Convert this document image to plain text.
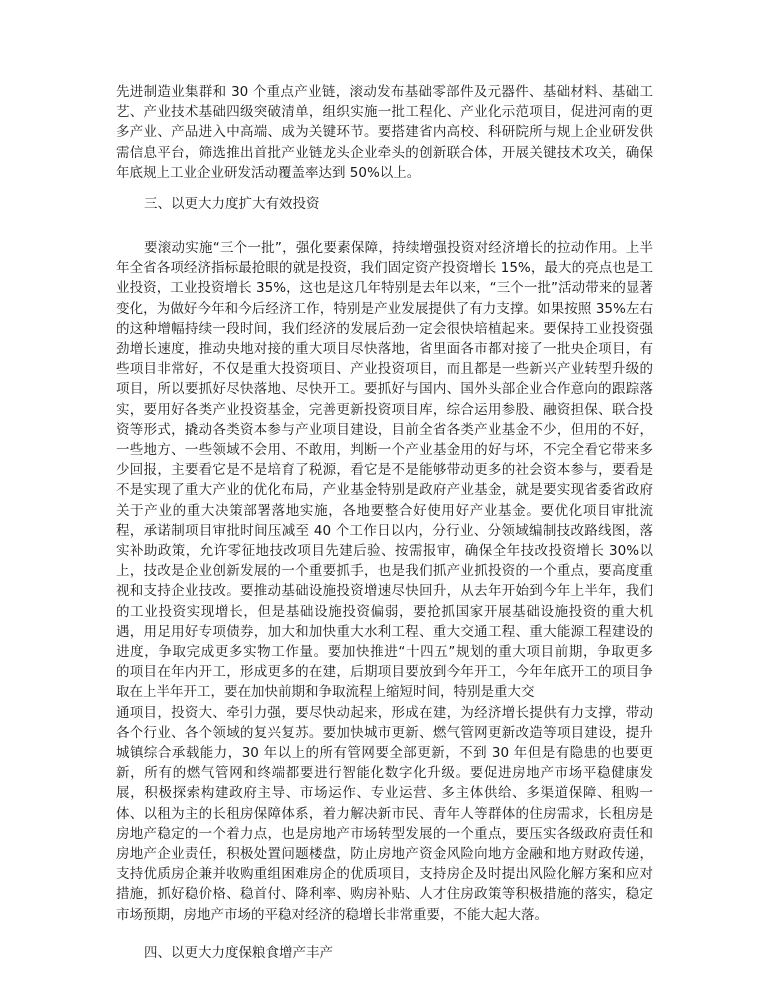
先进制造业集群和 30 个重点产业链，滚动发布基础零部件及元器件、基础材料、基础工
艺、产业技术基础四级突破清单，组织实施一批工程化、产业化示范项目，促进河南的更
多产业、产品进入中高端、成为关键环节。要搭建省内高校、科研院所与规上企业研发供
需信息平台，筛选推出首批产业链龙头企业牵头的创新联合体，开展关键技术攻关，确保
年底规上工业企业研发活动覆盖率达到 50%以上。
三、以更大力度扩大有效投资
要滚动实施“三个一批”，强化要素保障，持续增强投资对经济增长的拉动作用。上半
年全省各项经济指标最抢眼的就是投资，我们固定资产投资增长 15%，最大的亮点也是工
业投资，工业投资增长 35%，这也是这几年特别是去年以来，“三个一批”活动带来的显著
变化，为做好今年和今后经济工作，特别是产业发展提供了有力支撑。如果按照 35%左右
的这种增幅持续一段时间，我们经济的发展后劲一定会很快培植起来。要保持工业投资强
劲增长速度，推动央地对接的重大项目尽快落地，省里面各市都对接了一批央企项目，有
些项目非常好，不仅是重大投资项目、产业投资项目，而且都是一些新兴产业转型升级的
项目，所以要抓好尽快落地、尽快开工。要抓好与国内、国外头部企业合作意向的跟踪落
实，要用好各类产业投资基金，完善更新投资项目库，综合运用参股、融资担保、联合投
资等形式，撬动各类资本参与产业项目建设，目前全省各类产业基金不少，但用的不好，
一些地方、一些领域不会用、不敢用，判断一个产业基金用的好与坏，不完全看它带来多
少回报，主要看它是不是培育了税源，看它是不是能够带动更多的社会资本参与，要看是
不是实现了重大产业的优化布局，产业基金特别是政府产业基金，就是要实现省委省政府
关于产业的重大决策部署落地实施，各地要整合好使用好产业基金。要优化项目审批流
程，承诺制项目审批时间压减至 40 个工作日以内，分行业、分领域编制技改路线图，落
实补助政策，允许零征地技改项目先建后验、按需报审，确保全年技改投资增长 30%以
上，技改是企业创新发展的一个重要抓手，也是我们抓产业抓投资的一个重点，要高度重
视和支持企业技改。要推动基础设施投资增速尽快回升，从去年开始到今年上半年，我们
的工业投资实现增长，但是基础设施投资偏弱，要抢抓国家开展基础设施投资的重大机
遇，用足用好专项债券，加大和加快重大水利工程、重大交通工程、重大能源工程建设的
进度，争取完成更多实物工作量。要加快推进“十四五”规划的重大项目前期，争取更多
的项目在年内开工，形成更多的在建，后期项目要放到今年开工，今年年底开工的项目争
取在上半年开工，要在加快前期和争取流程上缩短时间，特别是重大交
通项目，投资大、牵引力强，要尽快动起来，形成在建，为经济增长提供有力支撑，带动
各个行业、各个领域的复兴复苏。要加快城市更新、燃气管网更新改造等项目建设，提升
城镇综合承载能力，30 年以上的所有管网要全部更新，不到 30 年但是有隐患的也要更
新，所有的燃气管网和终端都要进行智能化数字化升级。要促进房地产市场平稳健康发
展，积极探索构建政府主导、市场运作、专业运营、多主体供给、多渠道保障、租购一
体、以租为主的长租房保障体系，着力解决新市民、青年人等群体的住房需求，长租房是
房地产稳定的一个着力点，也是房地产市场转型发展的一个重点，要压实各级政府责任和
房地产企业责任，积极处置问题楼盘，防止房地产资金风险向地方金融和地方财政传递，
支持优质房企兼并收购重组困难房企的优质项目，支持房企及时提出风险化解方案和应对
措施，抓好稳价格、稳首付、降利率、购房补贴、人才住房政策等积极措施的落实，稳定
市场预期，房地产市场的平稳对经济的稳增长非常重要，不能大起大落。
四、以更大力度保粮食增产丰产
